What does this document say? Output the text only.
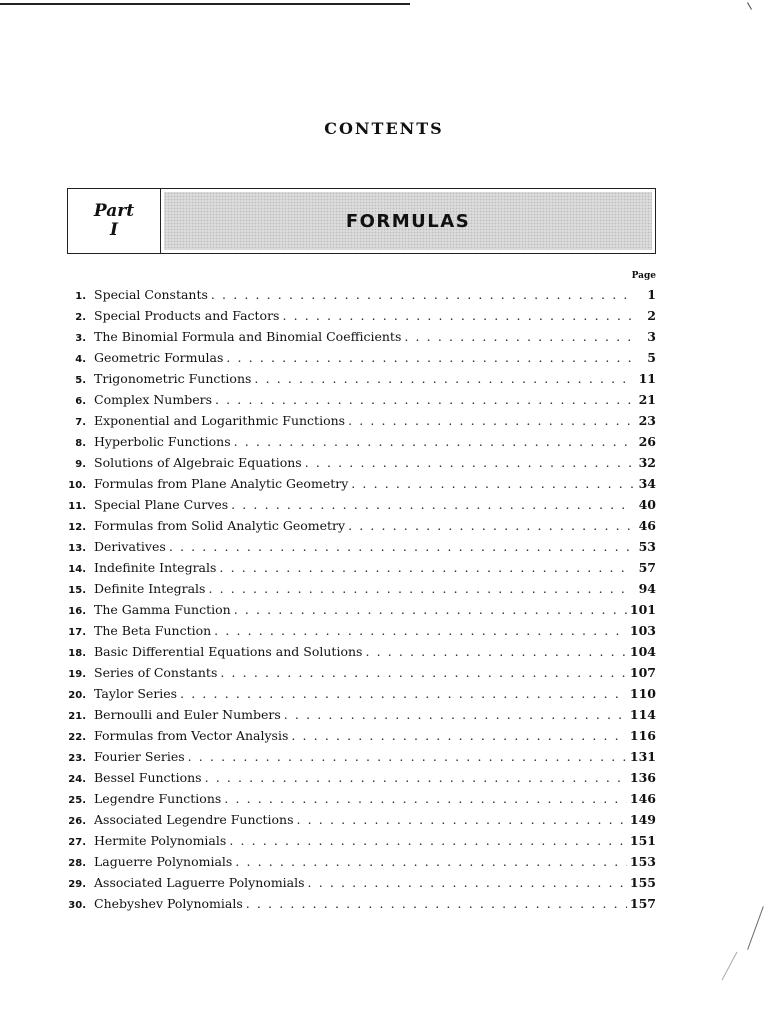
CONTENTS
Part
I	FORMULAS
Page
1. Special Constants . . .	1
2. Special Products and Factors . . .	2
3. The Binomial Formula and Binomial Coefficients . . .	3
4. Geometric Formulas . . .	5
5. Trigonometric Functions . . .	11
6. Complex Numbers . . .	21
7. Exponential and Logarithmic Functions . . .	23
8. Hyperbolic Functions . . .	26
9. Solutions of Algebraic Equations . . .	32
10. Formulas from Plane Analytic Geometry . . .	34
11. Special Plane Curves . . .	40
12. Formulas from Solid Analytic Geometry . . .	46
13. Derivatives . . .	53
14. Indefinite Integrals . . .	57
15. Definite Integrals . . .	94
16. The Gamma Function . . .	101
17. The Beta Function . . .	103
18. Basic Differential Equations and Solutions . . .	104
19. Series of Constants . . .	107
20. Taylor Series . . .	110
21. Bernoulli and Euler Numbers . . .	114
22. Formulas from Vector Analysis . . .	116
23. Fourier Series . . .	131
24. Bessel Functions . . .	136
25. Legendre Functions . . .	146
26. Associated Legendre Functions . . .	149
27. Hermite Polynomials . . .	151
28. Laguerre Polynomials . . .	153
29. Associated Laguerre Polynomials . . .	155
30. Chebyshev Polynomials . . .	157
